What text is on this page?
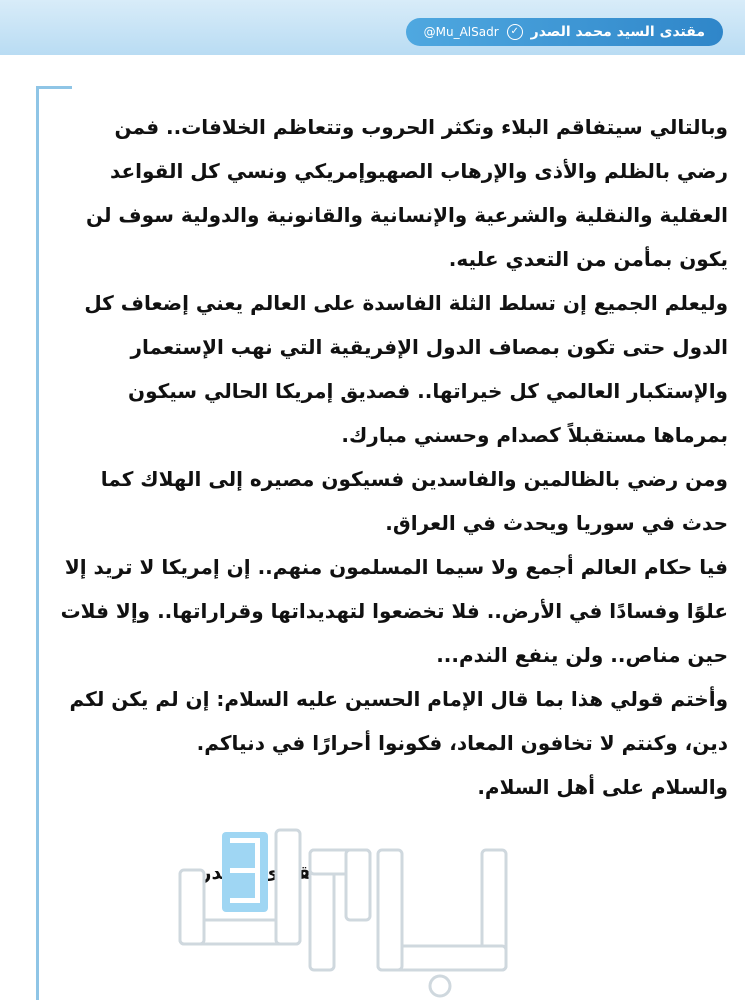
@Mu_AlSadr	✓ مقتدى السيد محمد الصدر

وبالتالي سيتفاقم البلاء وتكثر الحروب وتتعاظم الخلافات.. فمن رضي بالظلم والأذى والإرهاب الصهيوإمريكي ونسي كل القواعد العقلية والنقلية والشرعية والإنسانية والقانونية والدولية سوف لن يكون بمأمن من التعدي عليه.

وليعلم الجميع إن تسلط الثلة الفاسدة على العالم يعني إضعاف كل الدول حتى تكون بمصاف الدول الإفريقية التي نهب الإستعمار والإستكبار العالمي كل خيراتها.. فصديق إمريكا الحالي سيكون بمرماها مستقبلاً كصدام وحسني مبارك.

ومن رضي بالظالمين والفاسدين فسيكون مصيره إلى الهلاك كما حدث في سوريا ويحدث في العراق.

فيا حكام العالم أجمع ولا سيما المسلمون منهم.. إن إمريكا لا تريد إلا علوًا وفسادًا في الأرض.. فلا تخضعوا لتهديداتها وقراراتها.. وإلا فلات حين مناص.. ولن ينفع الندم...

وأختم قولي هذا بما قال الإمام الحسين عليه السلام: إن لم يكن لكم دين، وكنتم لا تخافون المعاد، فكونوا أحرارًا في دنياكم.

والسلام على أهل السلام.
